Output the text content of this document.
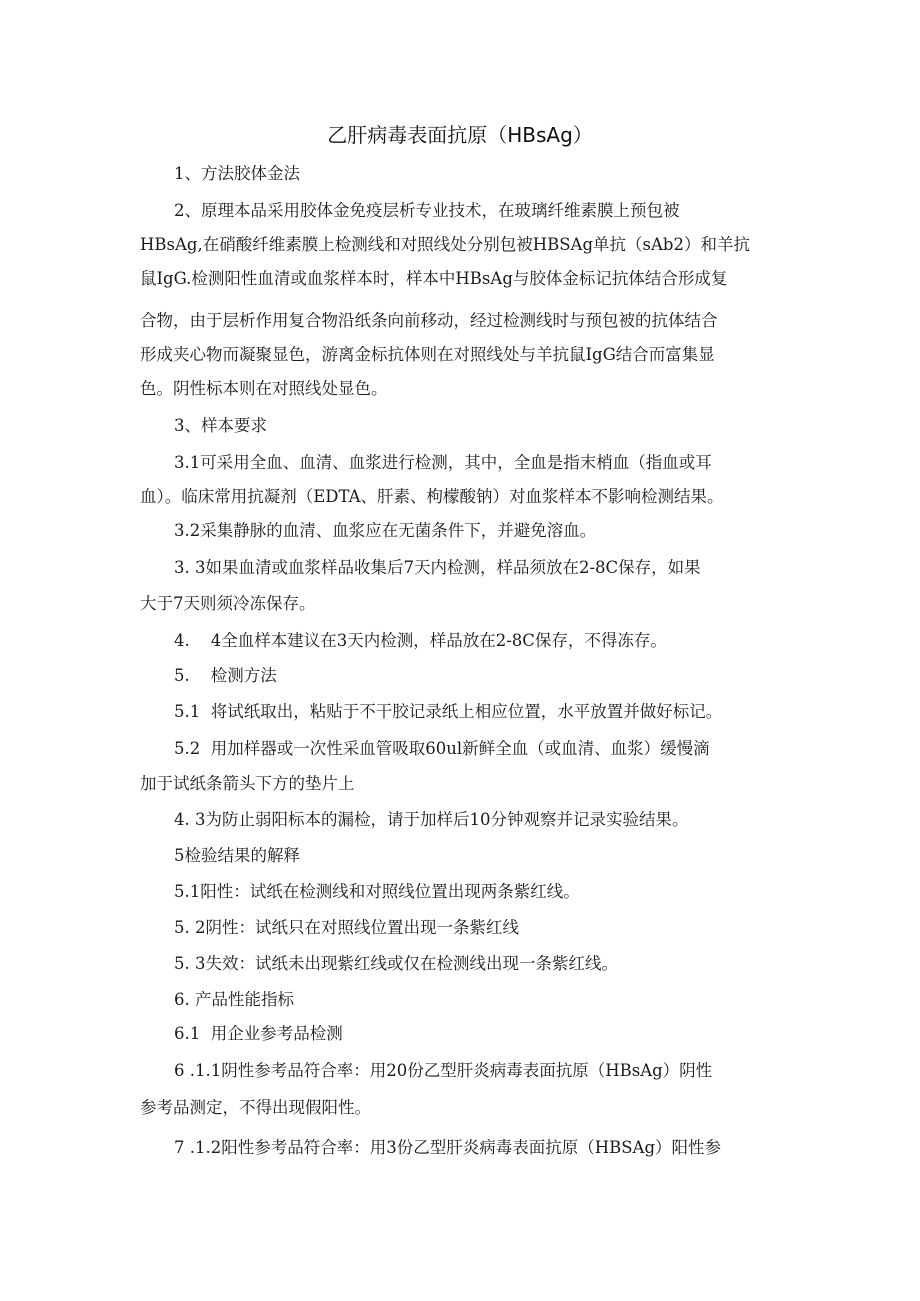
乙肝病毒表面抗原（HBsAg）
1、方法胶体金法
2、原理本品采用胶体金免疫层析专业技术，在玻璃纤维素膜上预包被
HBsAg,在硝酸纤维素膜上检测线和对照线处分别包被HBSAg单抗（sAb2）和羊抗
鼠IgG.检测阳性血清或血浆样本时，样本中HBsAg与胶体金标记抗体结合形成复
合物，由于层析作用复合物沿纸条向前移动，经过检测线时与预包被的抗体结合
形成夹心物而凝聚显色，游离金标抗体则在对照线处与羊抗鼠IgG结合而富集显
色。阴性标本则在对照线处显色。
3、样本要求
3.1可采用全血、血清、血浆进行检测，其中，全血是指末梢血（指血或耳
血）。临床常用抗凝剂（EDTA、肝素、枸檬酸钠）对血浆样本不影响检测结果。
3.2采集静脉的血清、血浆应在无菌条件下，并避免溶血。
3. 3如果血清或血浆样品收集后7天内检测，样品须放在2-8C保存，如果
大于7天则须冷冻保存。
4.    4全血样本建议在3天内检测，样品放在2-8C保存，不得冻存。
5.    检测方法
5.1  将试纸取出，粘贴于不干胶记录纸上相应位置，水平放置并做好标记。
5.2  用加样器或一次性采血管吸取60ul新鲜全血（或血清、血浆）缓慢滴
加于试纸条箭头下方的垫片上
4. 3为防止弱阳标本的漏检，请于加样后10分钟观察并记录实验结果。
5检验结果的解释
5.1阳性：试纸在检测线和对照线位置出现两条紫红线。
5. 2阴性：试纸只在对照线位置出现一条紫红线
5. 3失效：试纸未出现紫红线或仅在检测线出现一条紫红线。
6. 产品性能指标
6.1  用企业参考品检测
6 .1.1阴性参考品符合率：用20份乙型肝炎病毒表面抗原（HBsAg）阴性
参考品测定，不得出现假阳性。
7 .1.2阳性参考品符合率：用3份乙型肝炎病毒表面抗原（HBSAg）阳性参
